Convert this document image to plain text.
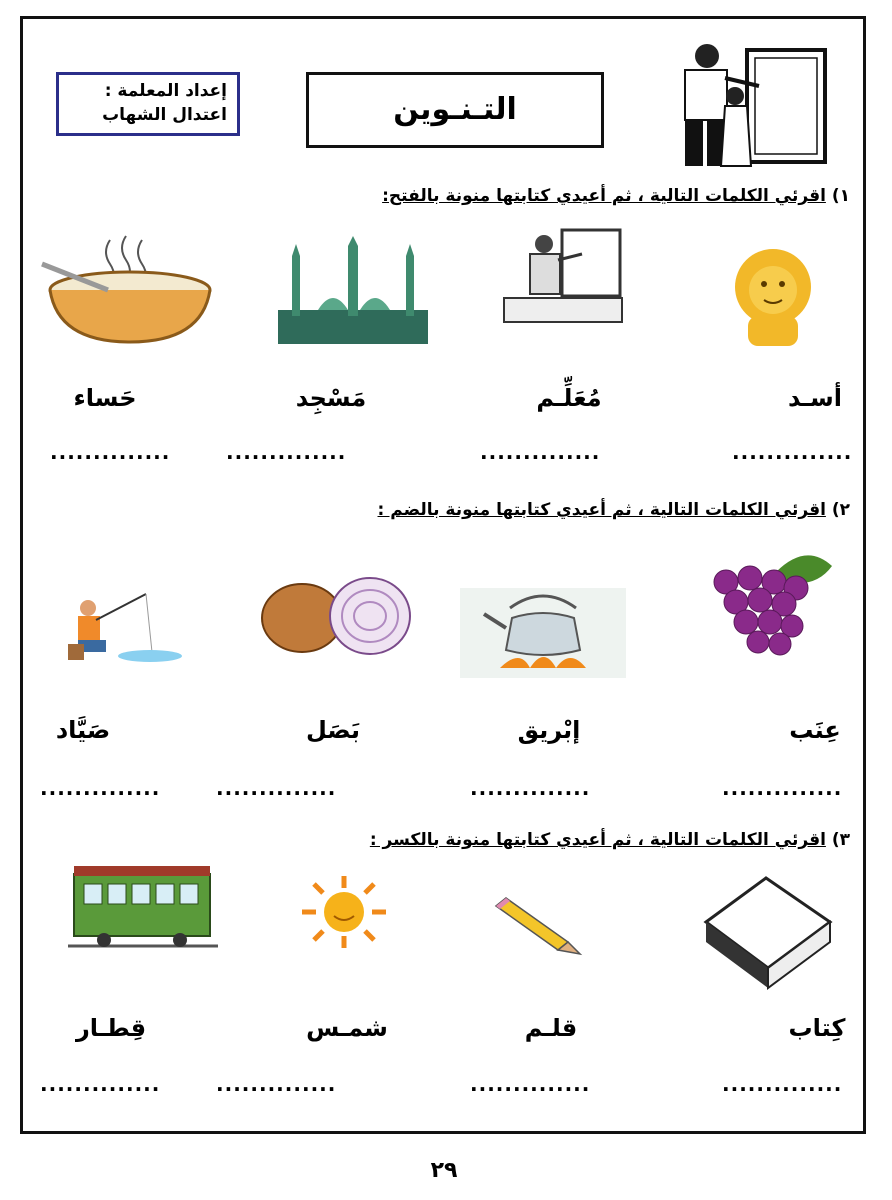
إعداد المعلمة :
اعتدال الشهاب	التـنـوين
١) اقرئي الكلمات التالية ، ثم أعيدي كتابتها منونة بالفتح:
أسـد
مُعَلِّـم
مَسْجِد
حَساء
..............
..............
..............
..............
٢) اقرئي الكلمات التالية ، ثم أعيدي كتابتها منونة بالضم :
عِنَب
إبْريق
بَصَل
صَيَّاد
..............
..............
..............
..............
٣) اقرئي الكلمات التالية ، ثم أعيدي كتابتها منونة بالكسر :
كِتاب
قلـم
شمـس
قِطـار
..............
..............
..............
..............
٢٩
